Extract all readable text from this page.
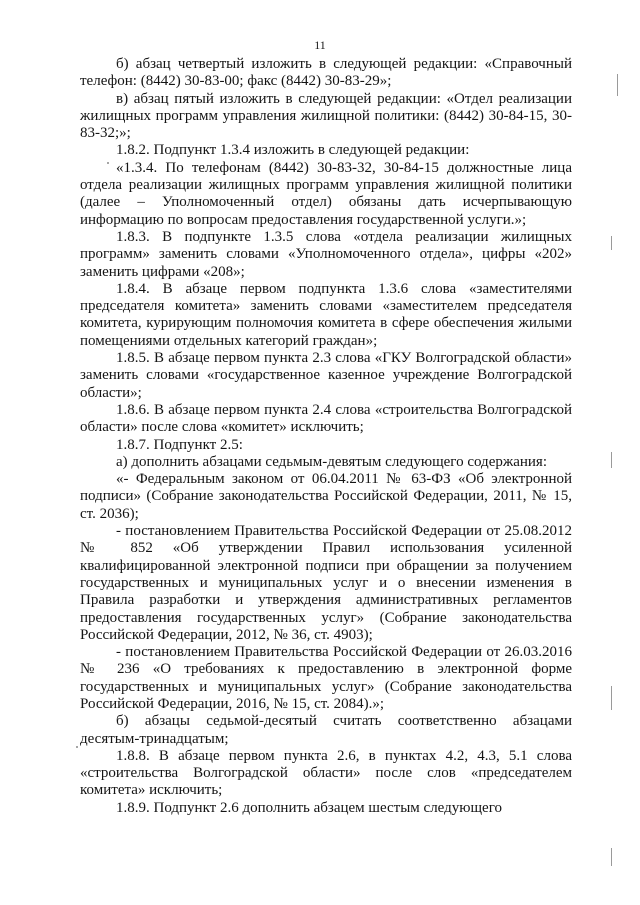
11

б) абзац четвертый изложить в следующей редакции: «Справочный телефон: (8442) 30-83-00; факс (8442) 30-83-29»;

в) абзац пятый изложить в следующей редакции: «Отдел реализации жилищных программ управления жилищной политики: (8442) 30-84-15, 30-83-32;»;

1.8.2. Подпункт 1.3.4 изложить в следующей редакции:

«1.3.4. По телефонам (8442) 30-83-32, 30-84-15 должностные лица отдела реализации жилищных программ управления жилищной политики (далее – Уполномоченный отдел) обязаны дать исчерпывающую информацию по вопросам предоставления государственной услуги.»;

1.8.3. В подпункте 1.3.5 слова «отдела реализации жилищных программ» заменить словами «Уполномоченного отдела», цифры «202» заменить цифрами «208»;

1.8.4. В абзаце первом подпункта 1.3.6 слова «заместителями председателя комитета» заменить словами «заместителем председателя комитета, курирующим полномочия комитета в сфере обеспечения жилыми помещениями отдельных категорий граждан»;

1.8.5. В абзаце первом пункта 2.3 слова «ГКУ Волгоградской области» заменить словами «государственное казенное учреждение Волгоградской области»;

1.8.6. В абзаце первом пункта 2.4 слова «строительства Волгоградской области» после слова «комитет» исключить;

1.8.7. Подпункт 2.5:

а) дополнить абзацами седьмым-девятым следующего содержания:

«- Федеральным законом от 06.04.2011 № 63-ФЗ «Об электронной подписи» (Собрание законодательства Российской Федерации, 2011, № 15, ст. 2036);

- постановлением Правительства Российской Федерации от 25.08.2012 № 852 «Об утверждении Правил использования усиленной квалифицированной электронной подписи при обращении за получением государственных и муниципальных услуг и о внесении изменения в Правила разработки и утверждения административных регламентов предоставления государственных услуг» (Собрание законодательства Российской Федерации, 2012, № 36, ст. 4903);

- постановлением Правительства Российской Федерации от 26.03.2016 № 236 «О требованиях к предоставлению в электронной форме государственных и муниципальных услуг» (Собрание законодательства Российской Федерации, 2016, № 15, ст. 2084).»;

б) абзацы седьмой-десятый считать соответственно абзацами десятым-тринадцатым;

1.8.8. В абзаце первом пункта 2.6, в пунктах 4.2, 4.3, 5.1 слова «строительства Волгоградской области» после слов «председателем комитета» исключить;

1.8.9. Подпункт 2.6 дополнить абзацем шестым следующего
